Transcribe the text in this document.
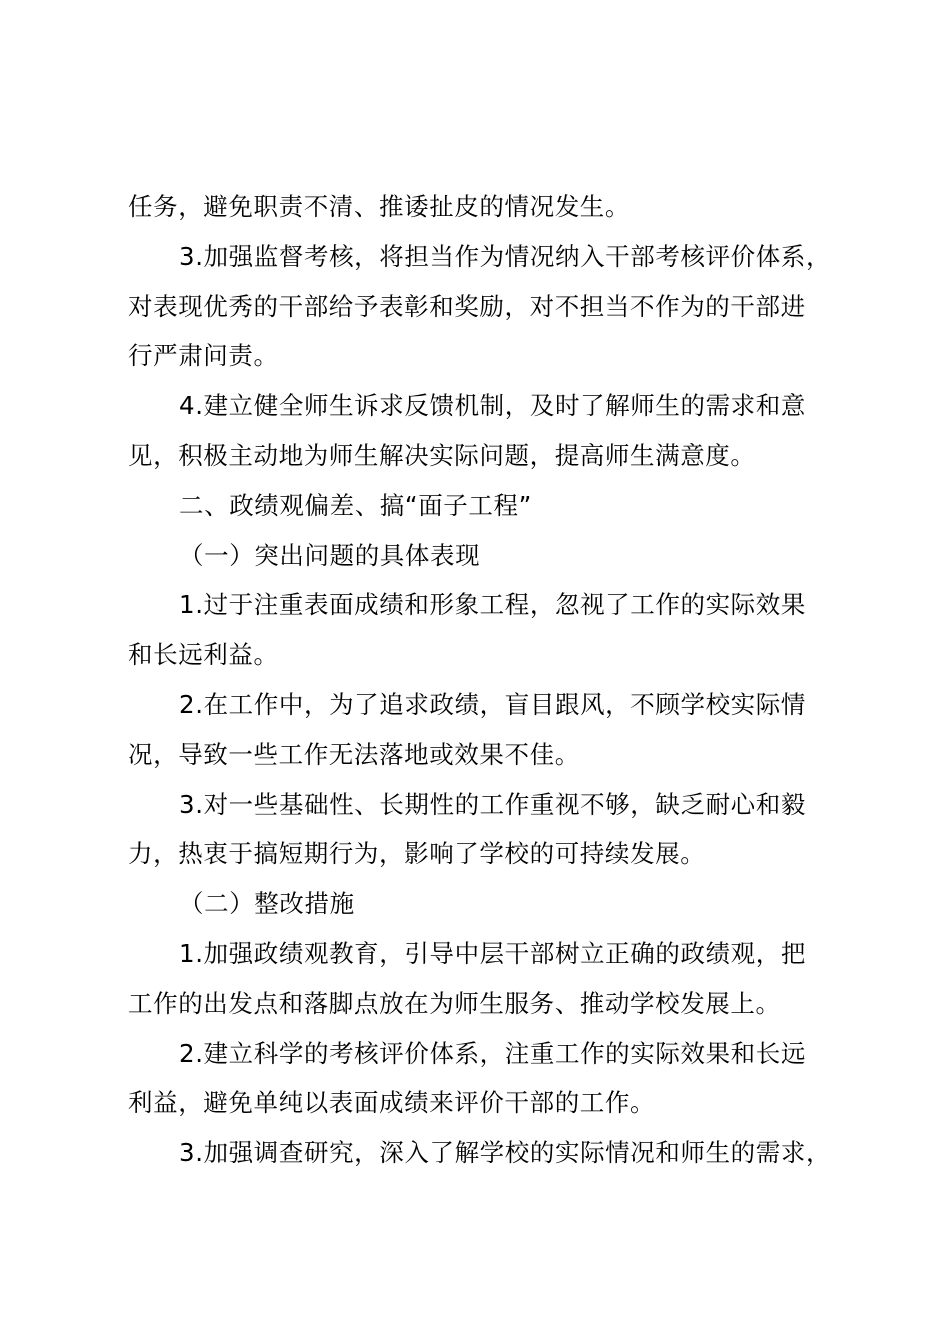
任务，避免职责不清、推诿扯皮的情况发生。
3.加强监督考核，将担当作为情况纳入干部考核评价体系，
对表现优秀的干部给予表彰和奖励，对不担当不作为的干部进
行严肃问责。
4.建立健全师生诉求反馈机制，及时了解师生的需求和意
见，积极主动地为师生解决实际问题，提高师生满意度。
二、政绩观偏差、搞“面子工程”
（一）突出问题的具体表现
1.过于注重表面成绩和形象工程，忽视了工作的实际效果
和长远利益。
2.在工作中，为了追求政绩，盲目跟风，不顾学校实际情
况，导致一些工作无法落地或效果不佳。
3.对一些基础性、长期性的工作重视不够，缺乏耐心和毅
力，热衷于搞短期行为，影响了学校的可持续发展。
（二）整改措施
1.加强政绩观教育，引导中层干部树立正确的政绩观，把
工作的出发点和落脚点放在为师生服务、推动学校发展上。
2.建立科学的考核评价体系，注重工作的实际效果和长远
利益，避免单纯以表面成绩来评价干部的工作。
3.加强调查研究，深入了解学校的实际情况和师生的需求，
